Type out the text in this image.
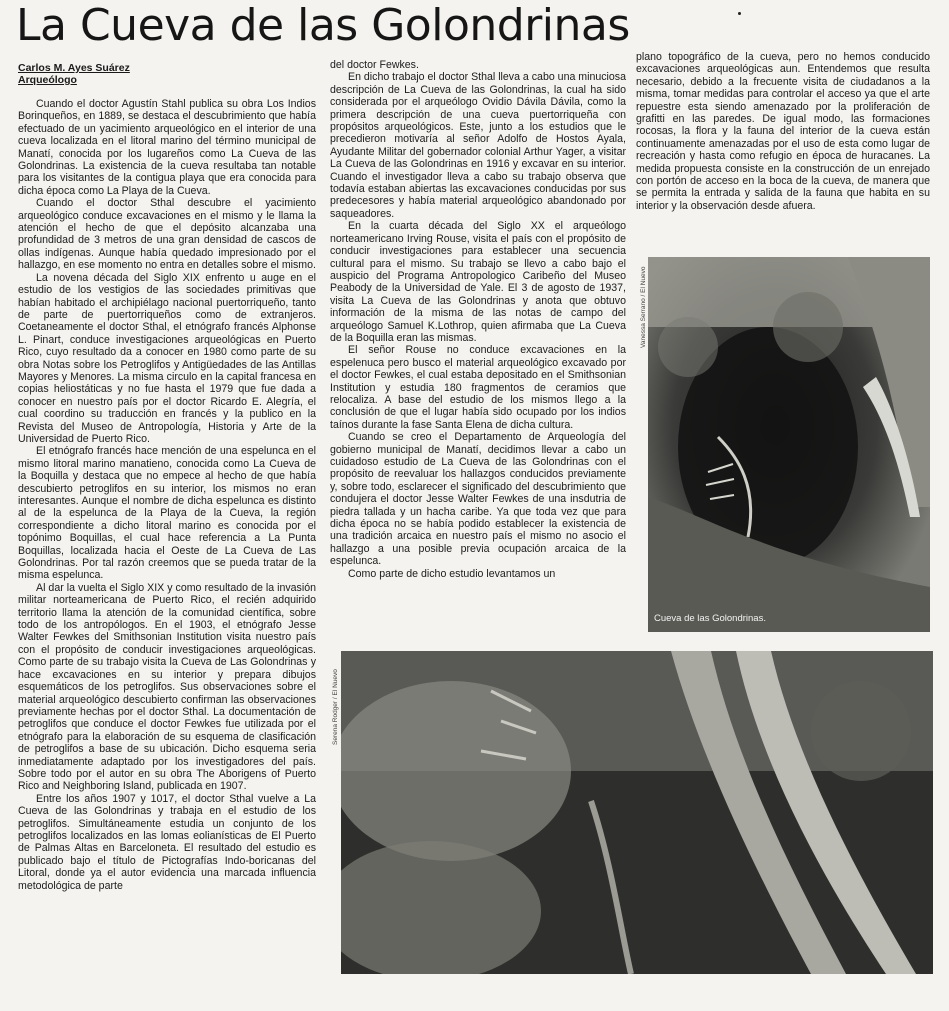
La Cueva de las Golondrinas
Carlos M. Ayes Suárez
Arqueólogo

Cuando el doctor Agustín Stahl publica su obra Los Indios Borinqueños, en 1889, se destaca el descubrimiento que había efectuado de un yacimiento arqueológico en el interior de una cueva localizada en el litoral marino del término municipal de Manatí, conocida por los lugareños como La Cueva de las Golondrinas. La existencia de la cueva resultaba tan notable para los visitantes de la contigua playa que era conocida para dicha época como La Playa de la Cueva.

Cuando el doctor Sthal descubre el yacimiento arqueológico conduce excavaciones en el mismo y le llama la atención el hecho de que el depósito alcanzaba una profundidad de 3 metros de una gran densidad de cascos de ollas indígenas. Aunque había quedado impresionado por el hallazgo, en ese momento no entra en detalles sobre el mismo.

La novena década del Siglo XIX enfrento u auge en el estudio de los vestigios de las sociedades primitivas que habían habitado el archipiélago nacional puertorriqueño, tanto de parte de puertorriqueños como de extranjeros. Coetaneamente el doctor Sthal, el etnógrafo francés Alphonse L. Pinart, conduce investigaciones arqueológicas en Puerto Rico, cuyo resultado da a conocer en 1980 como parte de su obra Notas sobre los Petroglifos y Antigüedades de las Antillas Mayores y Menores. La misma circulo en la capital francesa en copias heliostáticas y no fue hasta el 1979 que fue dada a conocer en nuestro país por el doctor Ricardo E. Alegría, el cual coordino su traducción en francés y la publico en la Revista del Museo de Antropología, Historia y Arte de la Universidad de Puerto Rico.

El etnógrafo francés hace mención de una espelunca en el mismo litoral marino manatieno, conocida como La Cueva de la Boquilla y destaca que no empece al hecho de que había descubierto petroglifos en su interior, los mismos no eran interesantes. Aunque el nombre de dicha espelunca es distinto al de la espelunca de la Playa de la Cueva, la región correspondiente a dicho litoral marino es conocida por el topónimo Boquillas, el cual hace referencia a La Punta Boquillas, localizada hacia el Oeste de La Cueva de Las Golondrinas. Por tal razón creemos que se pueda tratar de la misma espelunca.

Al dar la vuelta el Siglo XIX y como resultado de la invasión militar norteamericana de Puerto Rico, el recién adquirido territorio llama la atención de la comunidad científica, sobre todo de los antropólogos. En el 1903, el etnógrafo Jesse Walter Fewkes del Smithsonian Institution visita nuestro país con el propósito de conducir investigaciones arqueológicas. Como parte de su trabajo visita la Cueva de Las Golondrinas y hace excavaciones en su interior y prepara dibujos esquemáticos de los petroglifos. Sus observaciones sobre el material arqueológico descubierto confirman las observaciones previamente hechas por el doctor Sthal. La documentación de petroglifos que conduce el doctor Fewkes fue utilizada por el etnógrafo para la elaboración de su esquema de clasificación de petroglifos a base de su ubicación. Dicho esquema seria inmediatamente adaptado por los investigadores del país. Sobre todo por el autor en su obra The Aborigens of Puerto Rico and Neighboring Island, publicada en 1907.

Entre los años 1907 y 1017, el doctor Sthal vuelve a La Cueva de las Golondrinas y trabaja en el estudio de los petroglifos. Simultáneamente estudia un conjunto de los petroglifos localizados en las lomas eolianísticas de El Puerto de Palmas Altas en Barceloneta. El resultado del estudio es publicado bajo el título de Pictografías Indo-boricanas del Litoral, donde ya el autor evidencia una marcada influencia metodológica de parte

del doctor Fewkes.

En dicho trabajo el doctor Sthal lleva a cabo una minuciosa descripción de La Cueva de las Golondrinas, la cual ha sido considerada por el arqueólogo Ovidio Dávila Dávila, como la primera descripción de una cueva puertorriqueña con propósitos arqueológicos. Este, junto a los estudios que le precedieron motivaría al señor Adolfo de Hostos Ayala, Ayudante Militar del gobernador colonial Arthur Yager, a visitar La Cueva de las Golondrinas en 1916 y excavar en su interior. Cuando el investigador lleva a cabo su trabajo observa que todavía estaban abiertas las excavaciones conducidas por sus predecesores y había material arqueológico abandonado por saqueadores.

En la cuarta década del Siglo XX el arqueólogo norteamericano Irving Rouse, visita el país con el propósito de conducir investigaciones para establecer una secuencia cultural para el mismo. Su trabajo se llevo a cabo bajo el auspicio del Programa Antropologico Caribeño del Museo Peabody de la Universidad de Yale. El 3 de agosto de 1937, visita La Cueva de las Golondrinas y anota que obtuvo información de la misma de las notas de campo del arqueólogo Samuel K.Lothrop, quien afirmaba que La Cueva de la Boquilla eran las mismas.

El señor Rouse no conduce excavaciones en la espelenuca pero busco el material arqueológico excavado por el doctor Fewkes, el cual estaba depositado en el Smithsonian Institution y estudia 180 fragmentos de ceramios que relocaliza. A base del estudio de los mismos llego a la conclusión de que el lugar había sido ocupado por los indios taínos durante la fase Santa Elena de dicha cultura.

Cuando se creo el Departamento de Arqueología del gobierno municipal de Manatí, decidimos llevar a cabo un cuidadoso estudio de La Cueva de las Golondrinas con el propósito de reevaluar los hallazgos conducidos previamente y, sobre todo, esclarecer el significado del descubrimiento que condujera el doctor Jesse Walter Fewkes de una insdutria de piedra tallada y un hacha caribe. Ya que toda vez que para dicha época no se había podido establecer la existencia de una tradición arcaica en nuestro país el mismo no asocio el hallazgo a una posible previa ocupación arcaica de la espelunca.

Como parte de dicho estudio levantamos un

plano topográfico de la cueva, pero no hemos conducido excavaciones arqueológicas aun. Entendemos que resulta necesario, debido a la frecuente visita de ciudadanos a la misma, tomar medidas para controlar el acceso ya que el arte repuestre esta siendo amenazado por la proliferación de grafitti en las paredes. De igual modo, las formaciones rocosas, la flora y la fauna del interior de la cueva están continuamente amenazadas por el uso de esta como lugar de recreación y hasta como refugio en época de huracanes. La medida propuesta consiste en la construcción de un enrejado con portón de acceso en la boca de la cueva, de manera que se permita la entrada y salida de la fauna que habita en su interior y la observación desde afuera.

Vanessa Serrano / El Nuevo
Cueva de las Golondrinas.
Serena Rodger / El Nuevo
